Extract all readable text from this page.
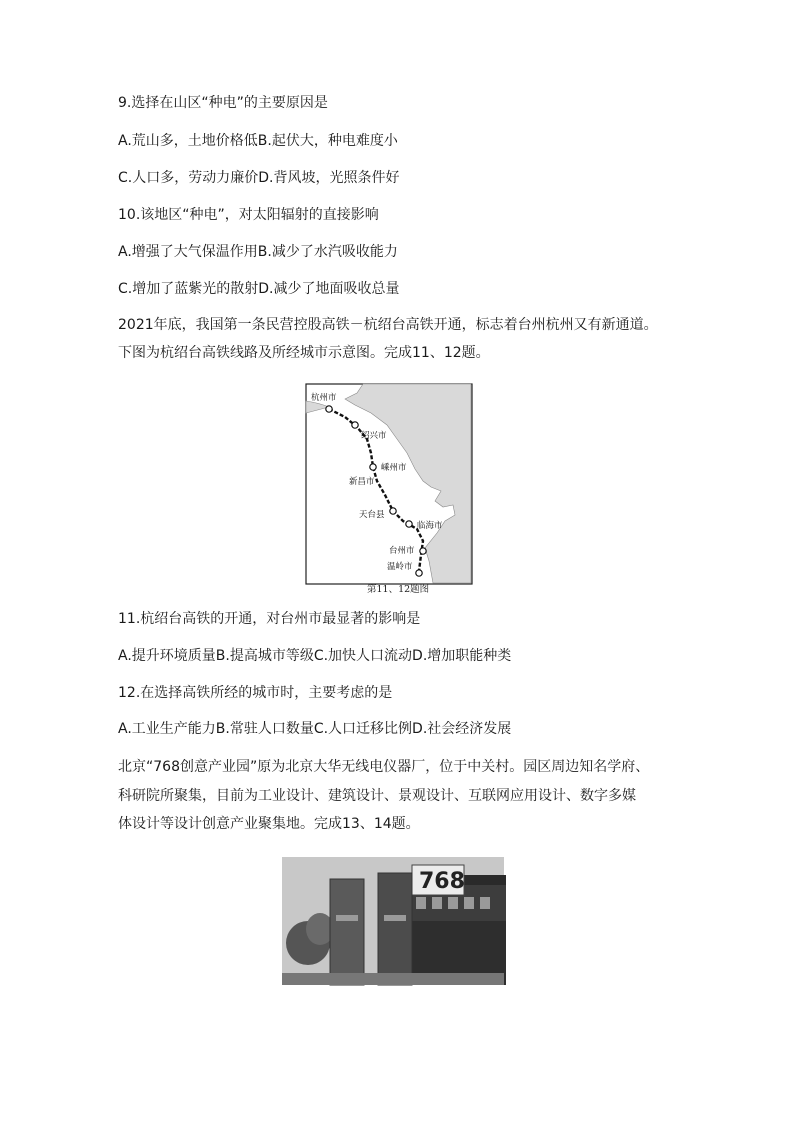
9.选择在山区“种电”的主要原因是
A.荒山多，土地价格低B.起伏大，种电难度小
C.人口多，劳动力廉价D.背风坡，光照条件好
10.该地区“种电”，对太阳辐射的直接影响
A.增强了大气保温作用B.减少了水汽吸收能力
C.增加了蓝紫光的散射D.减少了地面吸收总量
2021年底，我国第一条民营控股高铁－杭绍台高铁开通，标志着台州杭州又有新通道。
下图为杭绍台高铁线路及所经城市示意图。完成11、12题。
杭州市
绍兴市
嵊州市
新昌市
天台县
临海市
台州市
温岭市
第11、12题图
11.杭绍台高铁的开通，对台州市最显著的影响是
A.提升环境质量B.提高城市等级C.加快人口流动D.增加职能种类
12.在选择高铁所经的城市时，主要考虑的是
A.工业生产能力B.常驻人口数量C.人口迁移比例D.社会经济发展
北京“768创意产业园”原为北京大华无线电仪器厂，位于中关村。园区周边知名学府、
科研院所聚集，目前为工业设计、建筑设计、景观设计、互联网应用设计、数字多媒
体设计等设计创意产业聚集地。完成13、14题。
768
